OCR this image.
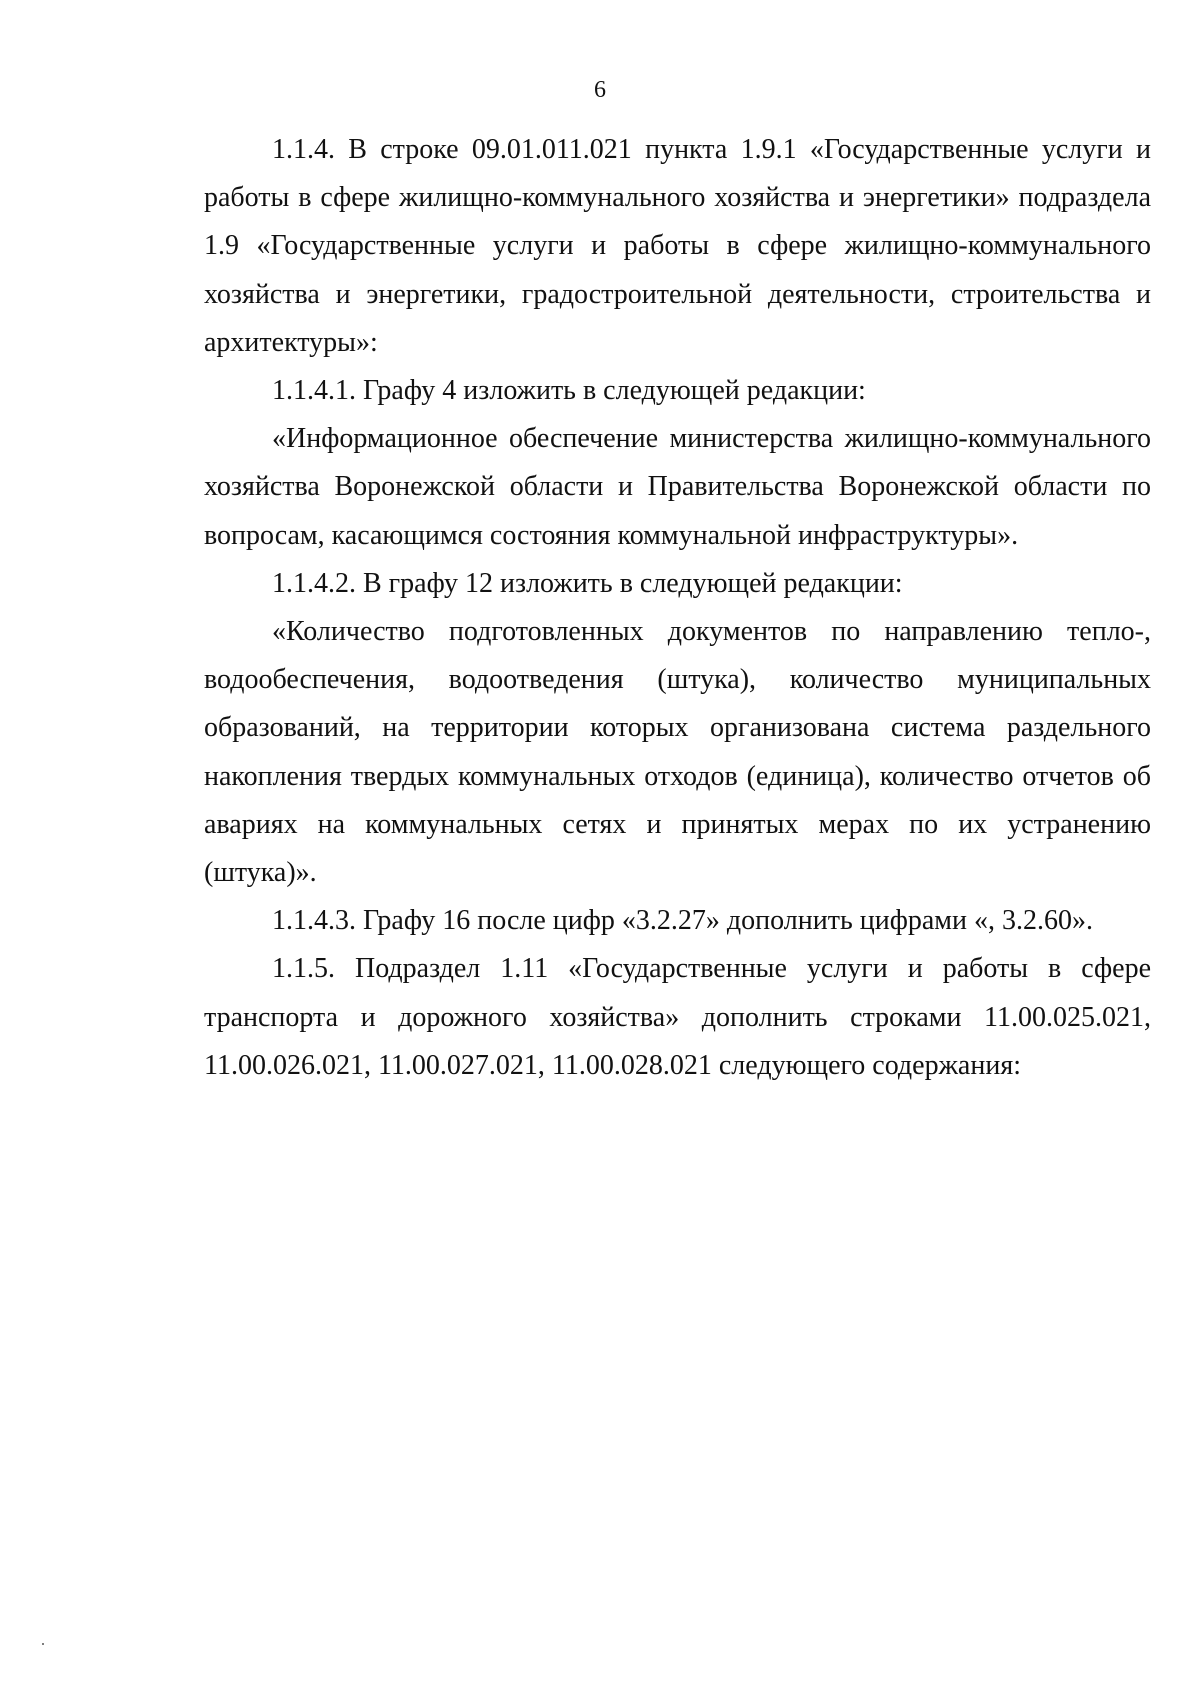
6

1.1.4. В строке 09.01.011.021 пункта 1.9.1 «Государственные услуги и работы в сфере жилищно-коммунального хозяйства и энергетики» подраздела 1.9 «Государственные услуги и работы в сфере жилищно-коммунального хозяйства и энергетики, градостроительной деятельности, строительства и архитектуры»:

1.1.4.1. Графу 4 изложить в следующей редакции:

«Информационное обеспечение министерства жилищно-коммунального хозяйства Воронежской области и Правительства Воронежской области по вопросам, касающимся состояния коммунальной инфраструктуры».

1.1.4.2. В графу 12 изложить в следующей редакции:

«Количество подготовленных документов по направлению тепло-, водообеспечения, водоотведения (штука), количество муниципальных образований, на территории которых организована система раздельного накопления твердых коммунальных отходов (единица), количество отчетов об авариях на коммунальных сетях и принятых мерах по их устранению (штука)».

1.1.4.3. Графу 16 после цифр «3.2.27» дополнить цифрами «, 3.2.60».

1.1.5. Подраздел 1.11 «Государственные услуги и работы в сфере транспорта и дорожного хозяйства» дополнить строками 11.00.025.021, 11.00.026.021, 11.00.027.021, 11.00.028.021 следующего содержания:
